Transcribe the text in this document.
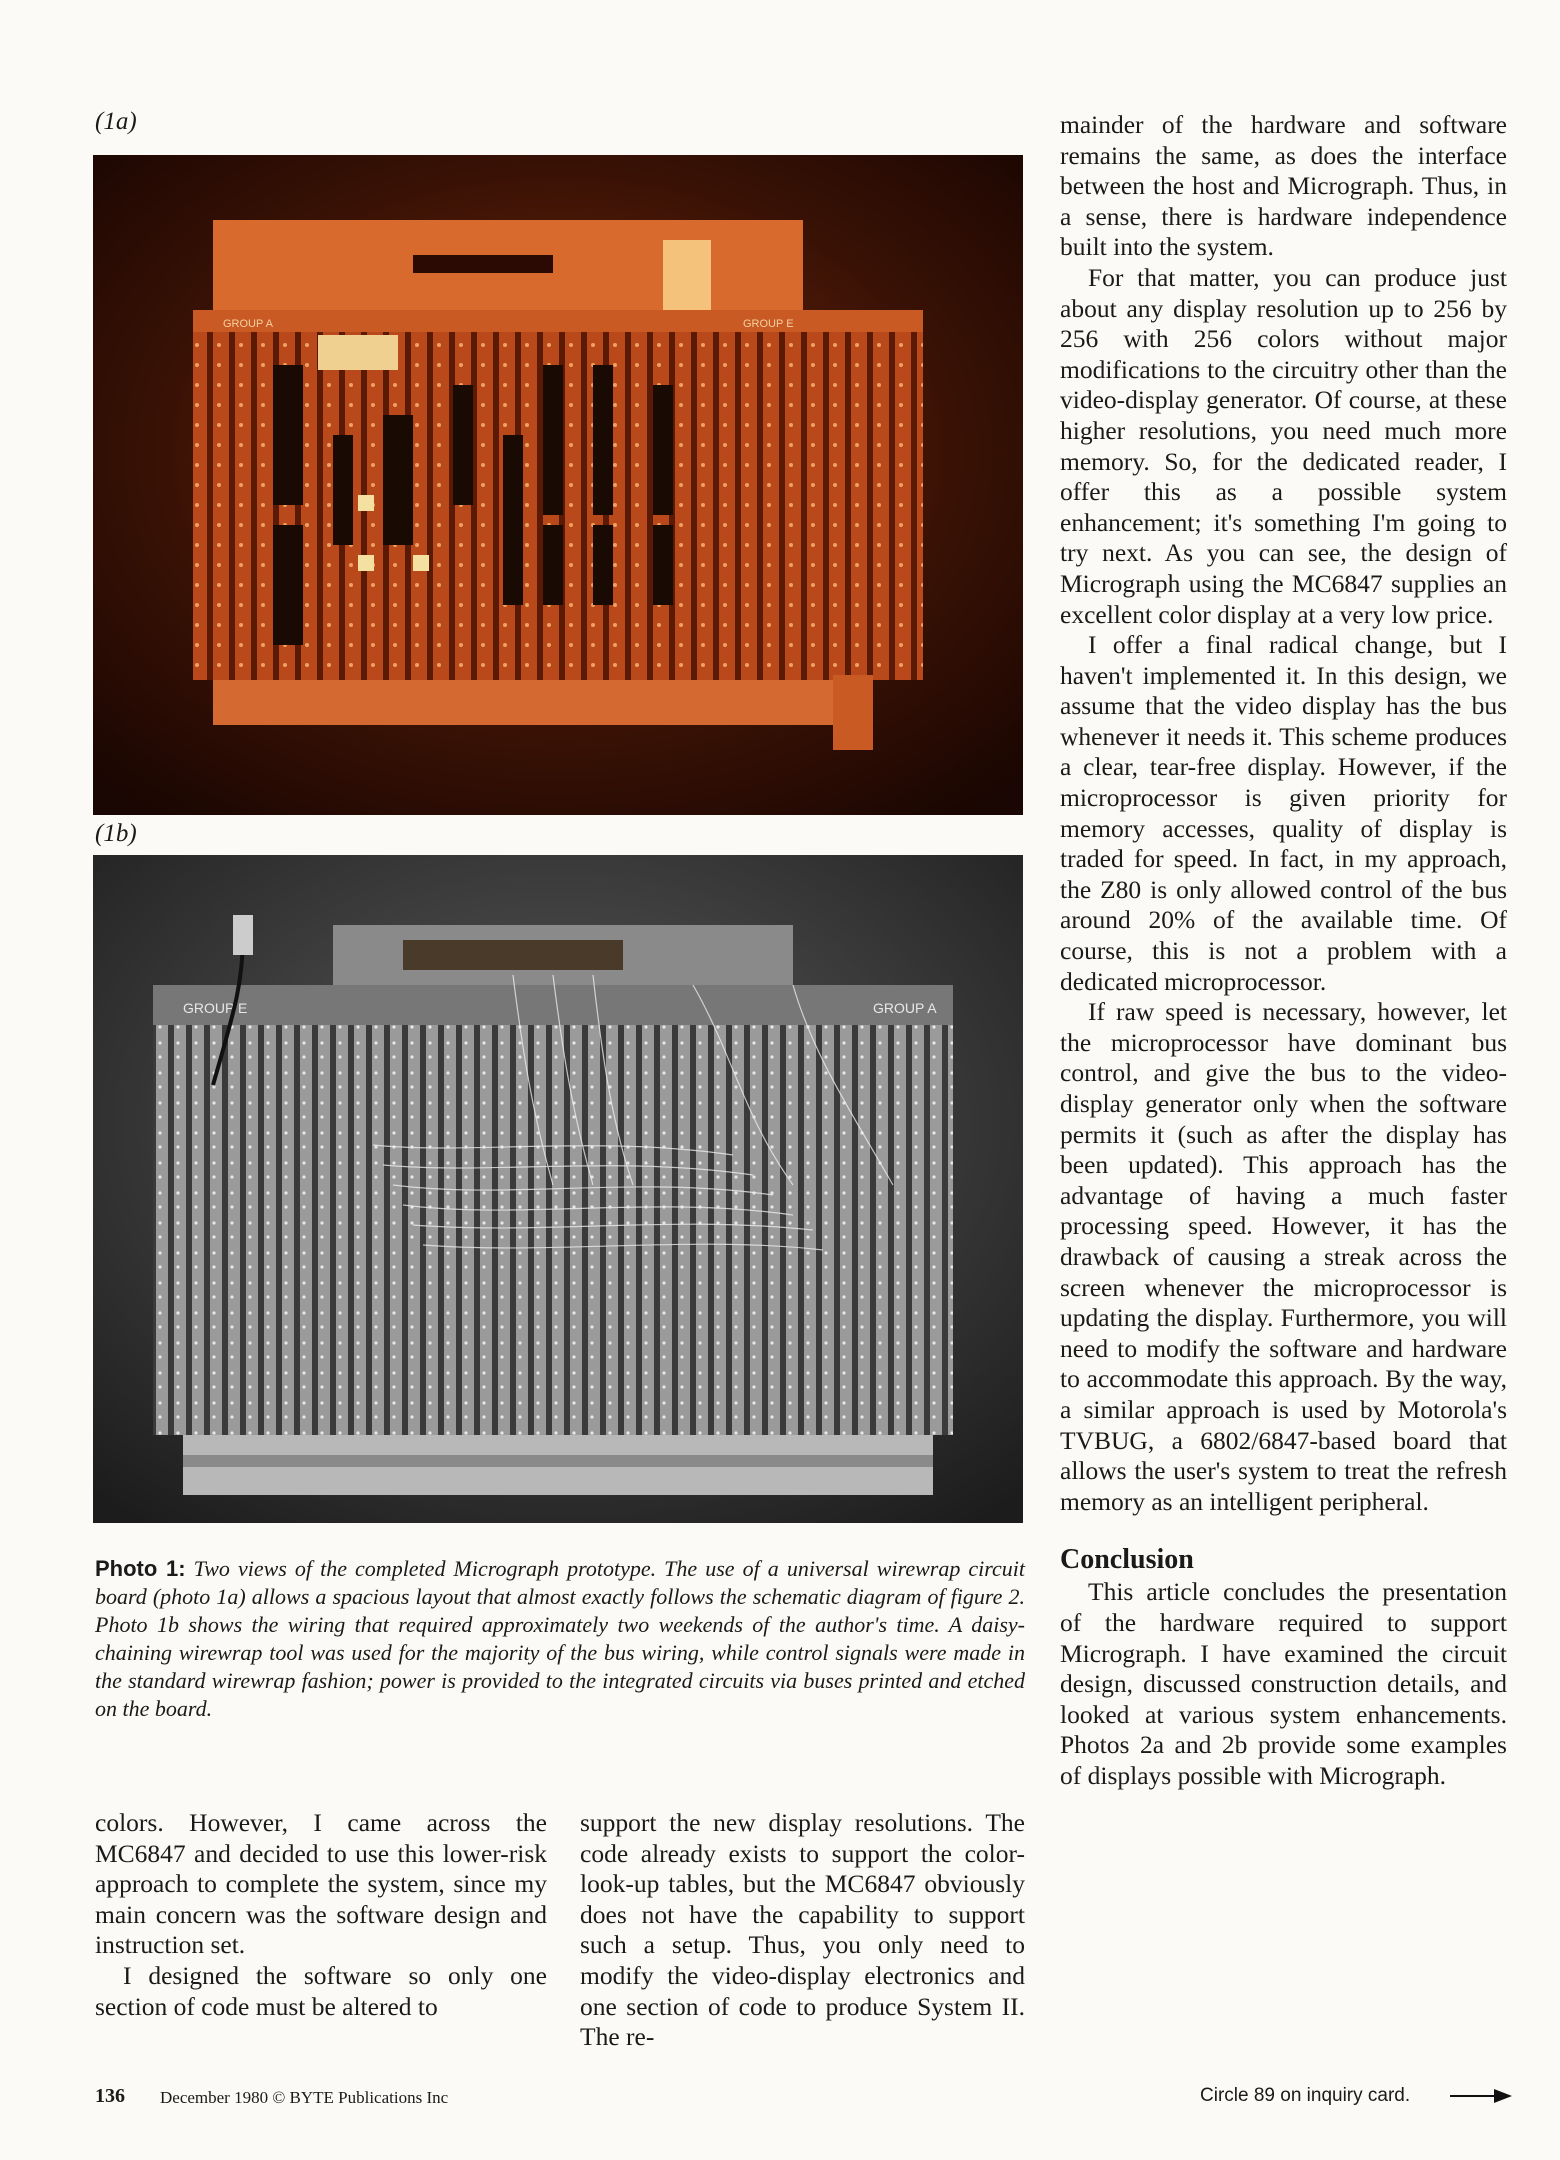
(1a)
(1b)
GROUP A	GROUP E
GROUP E	GROUP A
Photo 1: Two views of the completed Micrograph prototype. The use of a universal wirewrap circuit board (photo 1a) allows a spacious layout that almost exactly follows the schematic diagram of figure 2. Photo 1b shows the wiring that required approximately two weekends of the author's time. A daisy-chaining wirewrap tool was used for the majority of the bus wiring, while control signals were made in the standard wirewrap fashion; power is provided to the integrated circuits via buses printed and etched on the board.

colors. However, I came across the MC6847 and decided to use this lower-risk approach to complete the system, since my main concern was the software design and instruction set.

I designed the software so only one section of code must be altered to

support the new display resolutions. The code already exists to support the color-look-up tables, but the MC6847 obviously does not have the capability to support such a setup. Thus, you only need to modify the video-display electronics and one section of code to produce System II. The re-

mainder of the hardware and software remains the same, as does the interface between the host and Micrograph. Thus, in a sense, there is hardware independence built into the system.

For that matter, you can produce just about any display resolution up to 256 by 256 with 256 colors without major modifications to the circuitry other than the video-display generator. Of course, at these higher resolutions, you need much more memory. So, for the dedicated reader, I offer this as a possible system enhancement; it's something I'm going to try next. As you can see, the design of Micrograph using the MC6847 supplies an excellent color display at a very low price.

I offer a final radical change, but I haven't implemented it. In this design, we assume that the video display has the bus whenever it needs it. This scheme produces a clear, tear-free display. However, if the microprocessor is given priority for memory accesses, quality of display is traded for speed. In fact, in my approach, the Z80 is only allowed control of the bus around 20% of the available time. Of course, this is not a problem with a dedicated microprocessor.

If raw speed is necessary, however, let the microprocessor have dominant bus control, and give the bus to the video-display generator only when the software permits it (such as after the display has been updated). This approach has the advantage of having a much faster processing speed. However, it has the drawback of causing a streak across the screen whenever the microprocessor is updating the display. Furthermore, you will need to modify the software and hardware to accommodate this approach. By the way, a similar approach is used by Motorola's TVBUG, a 6802/6847-based board that allows the user's system to treat the refresh memory as an intelligent peripheral.

Conclusion

This article concludes the presentation of the hardware required to support Micrograph. I have examined the circuit design, discussed construction details, and looked at various system enhancements. Photos 2a and 2b provide some examples of displays possible with Micrograph.

136 December 1980 © BYTE Publications Inc	Circle 89 on inquiry card.
